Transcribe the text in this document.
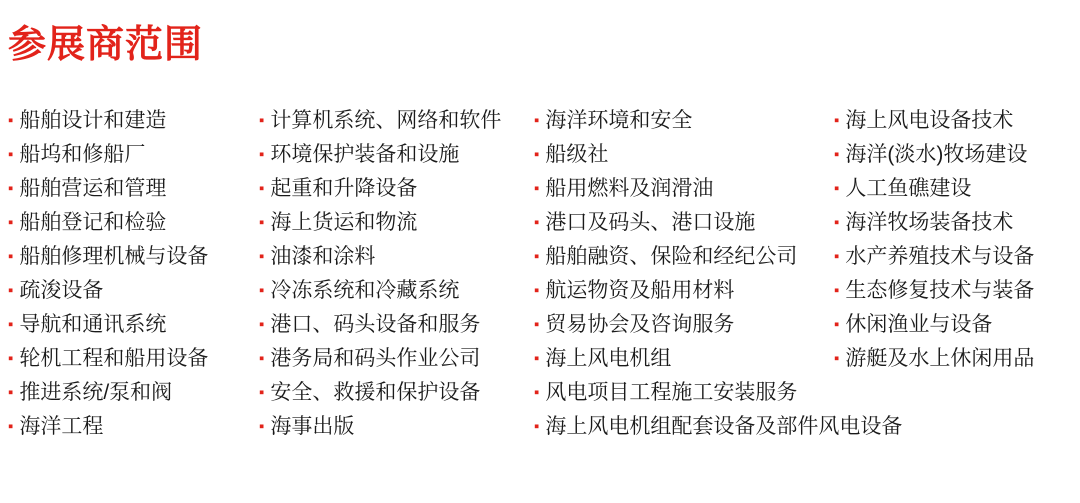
参展商范围
▪ 船舶设计和建造
▪ 船坞和修船厂
▪ 船舶营运和管理
▪ 船舶登记和检验
▪ 船舶修理机械与设备
▪ 疏浚设备
▪ 导航和通讯系统
▪ 轮机工程和船用设备
▪ 推进系统/泵和阀
▪ 海洋工程
▪ 计算机系统、网络和软件
▪ 环境保护装备和设施
▪ 起重和升降设备
▪ 海上货运和物流
▪ 油漆和涂料
▪ 冷冻系统和冷藏系统
▪ 港口、码头设备和服务
▪ 港务局和码头作业公司
▪ 安全、救援和保护设备
▪ 海事出版
▪ 海洋环境和安全
▪ 船级社
▪ 船用燃料及润滑油
▪ 港口及码头、港口设施
▪ 船舶融资、保险和经纪公司
▪ 航运物资及船用材料
▪ 贸易协会及咨询服务
▪ 海上风电机组
▪ 风电项目工程施工安装服务
▪ 海上风电机组配套设备及部件风电设备
▪ 海上风电设备技术
▪ 海洋(淡水)牧场建设
▪ 人工鱼礁建设
▪ 海洋牧场装备技术
▪ 水产养殖技术与设备
▪ 生态修复技术与装备
▪ 休闲渔业与设备
▪ 游艇及水上休闲用品
